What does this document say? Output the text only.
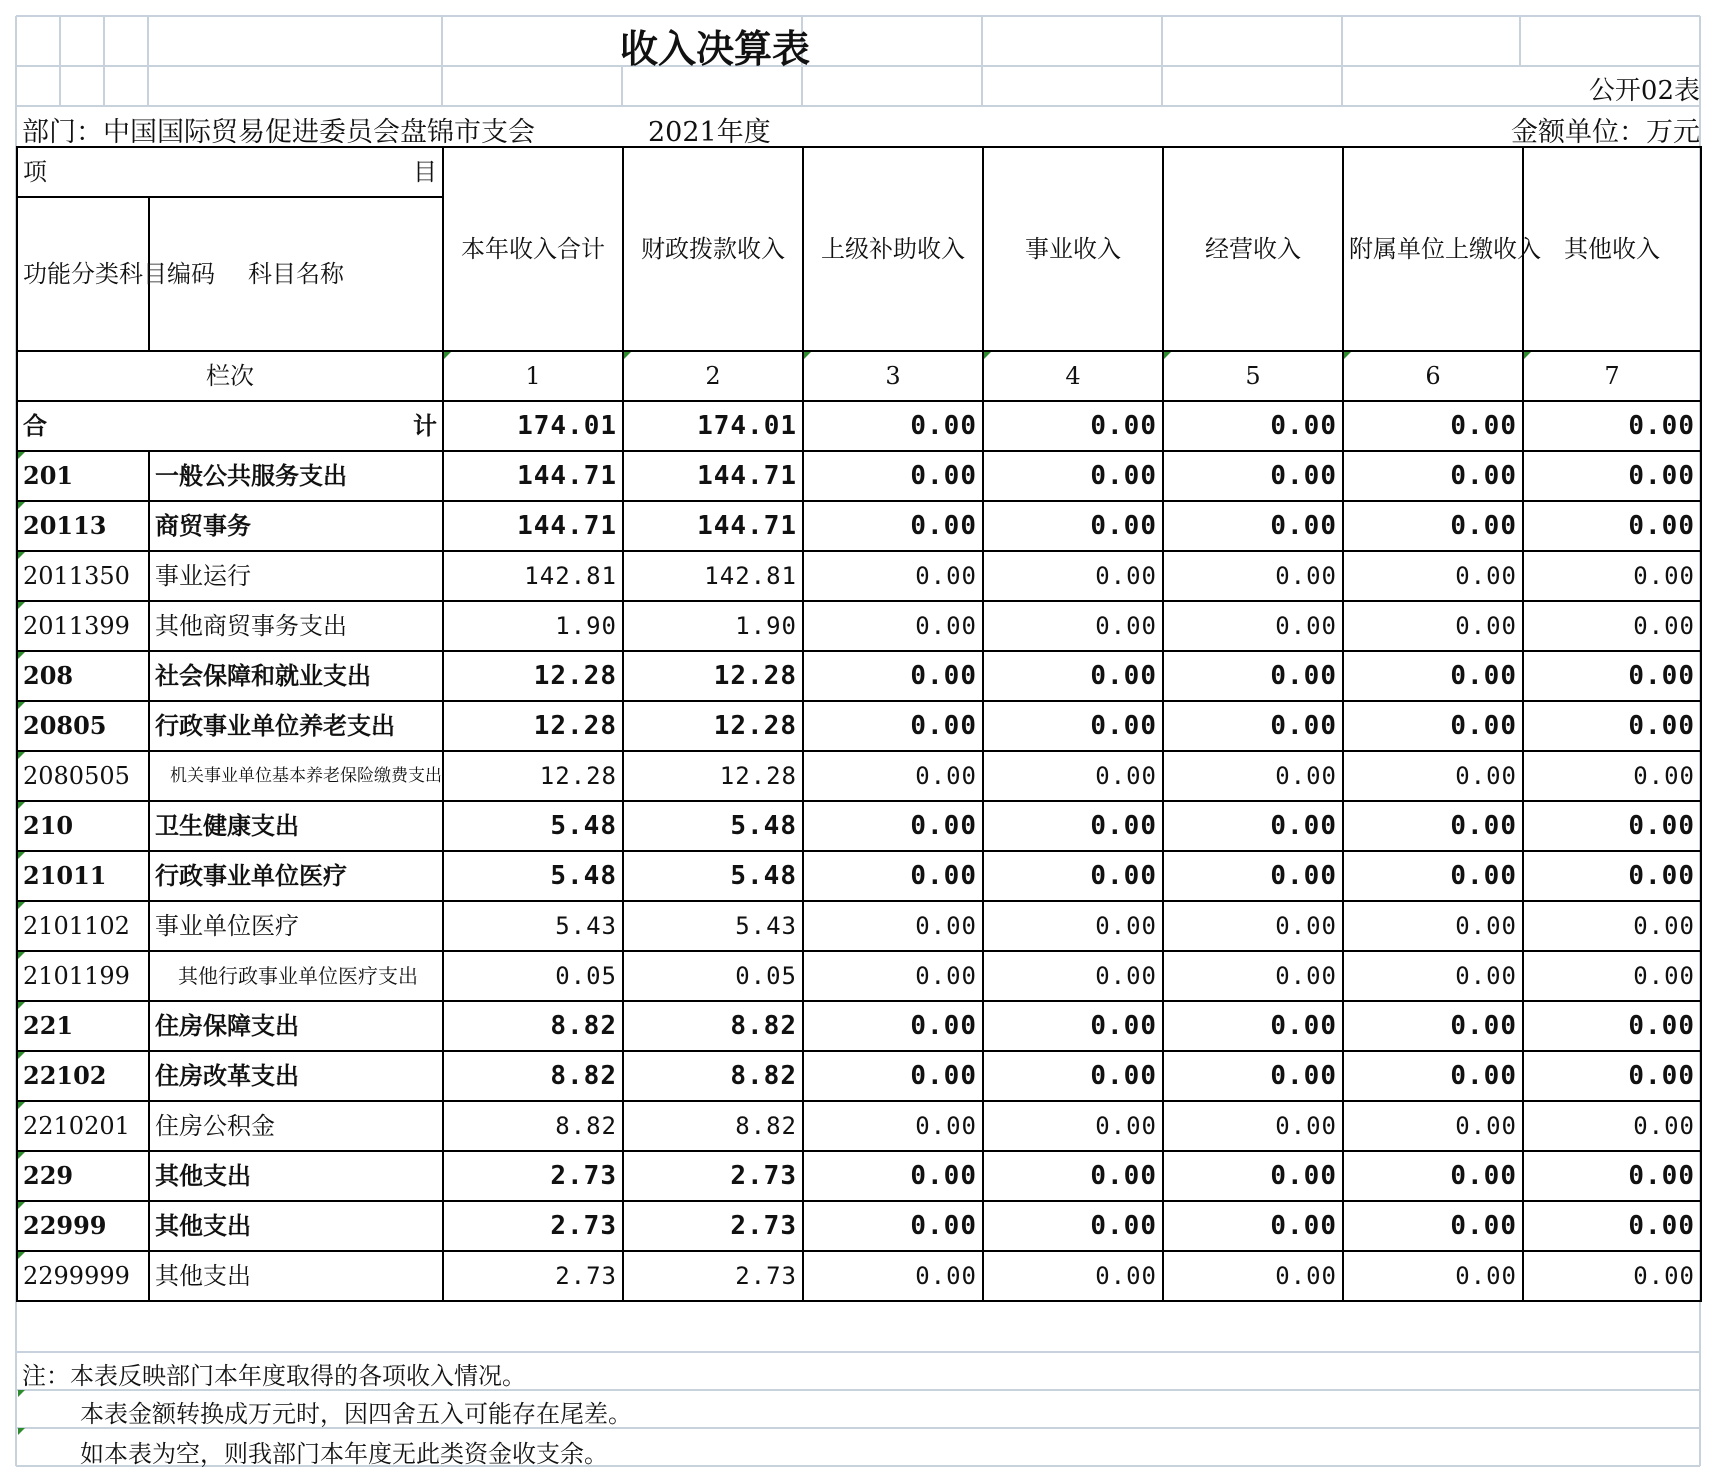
收入决算表
公开02表
部门：中国国际贸易促进委员会盘锦市支会	2021年度	金额单位：万元
项 目		本年收入合计	财政拨款收入	上级补助收入	事业收入	经营收入	附属单位上缴收入	其他收入
功能分类科目编码	科目名称							
栏次		1	2	3	4	5	6	7

合 计		174.01	174.01	0.00	0.00	0.00	0.00	0.00
201	一般公共服务支出	144.71	144.71	0.00	0.00	0.00	0.00	0.00
20113	商贸事务	144.71	144.71	0.00	0.00	0.00	0.00	0.00
2011350	事业运行	142.81	142.81	0.00	0.00	0.00	0.00	0.00
2011399	其他商贸事务支出	1.90	1.90	0.00	0.00	0.00	0.00	0.00
208	社会保障和就业支出	12.28	12.28	0.00	0.00	0.00	0.00	0.00
20805	行政事业单位养老支出	12.28	12.28	0.00	0.00	0.00	0.00	0.00
2080505	机关事业单位基本养老保险缴费支出	12.28	12.28	0.00	0.00	0.00	0.00	0.00
210	卫生健康支出	5.48	5.48	0.00	0.00	0.00	0.00	0.00
21011	行政事业单位医疗	5.48	5.48	0.00	0.00	0.00	0.00	0.00
2101102	事业单位医疗	5.43	5.43	0.00	0.00	0.00	0.00	0.00
2101199	其他行政事业单位医疗支出	0.05	0.05	0.00	0.00	0.00	0.00	0.00
221	住房保障支出	8.82	8.82	0.00	0.00	0.00	0.00	0.00
22102	住房改革支出	8.82	8.82	0.00	0.00	0.00	0.00	0.00
2210201	住房公积金	8.82	8.82	0.00	0.00	0.00	0.00	0.00
229	其他支出	2.73	2.73	0.00	0.00	0.00	0.00	0.00
22999	其他支出	2.73	2.73	0.00	0.00	0.00	0.00	0.00
2299999	其他支出	2.73	2.73	0.00	0.00	0.00	0.00	0.00
注：本表反映部门本年度取得的各项收入情况。
本表金额转换成万元时，因四舍五入可能存在尾差。
如本表为空，则我部门本年度无此类资金收支余。
